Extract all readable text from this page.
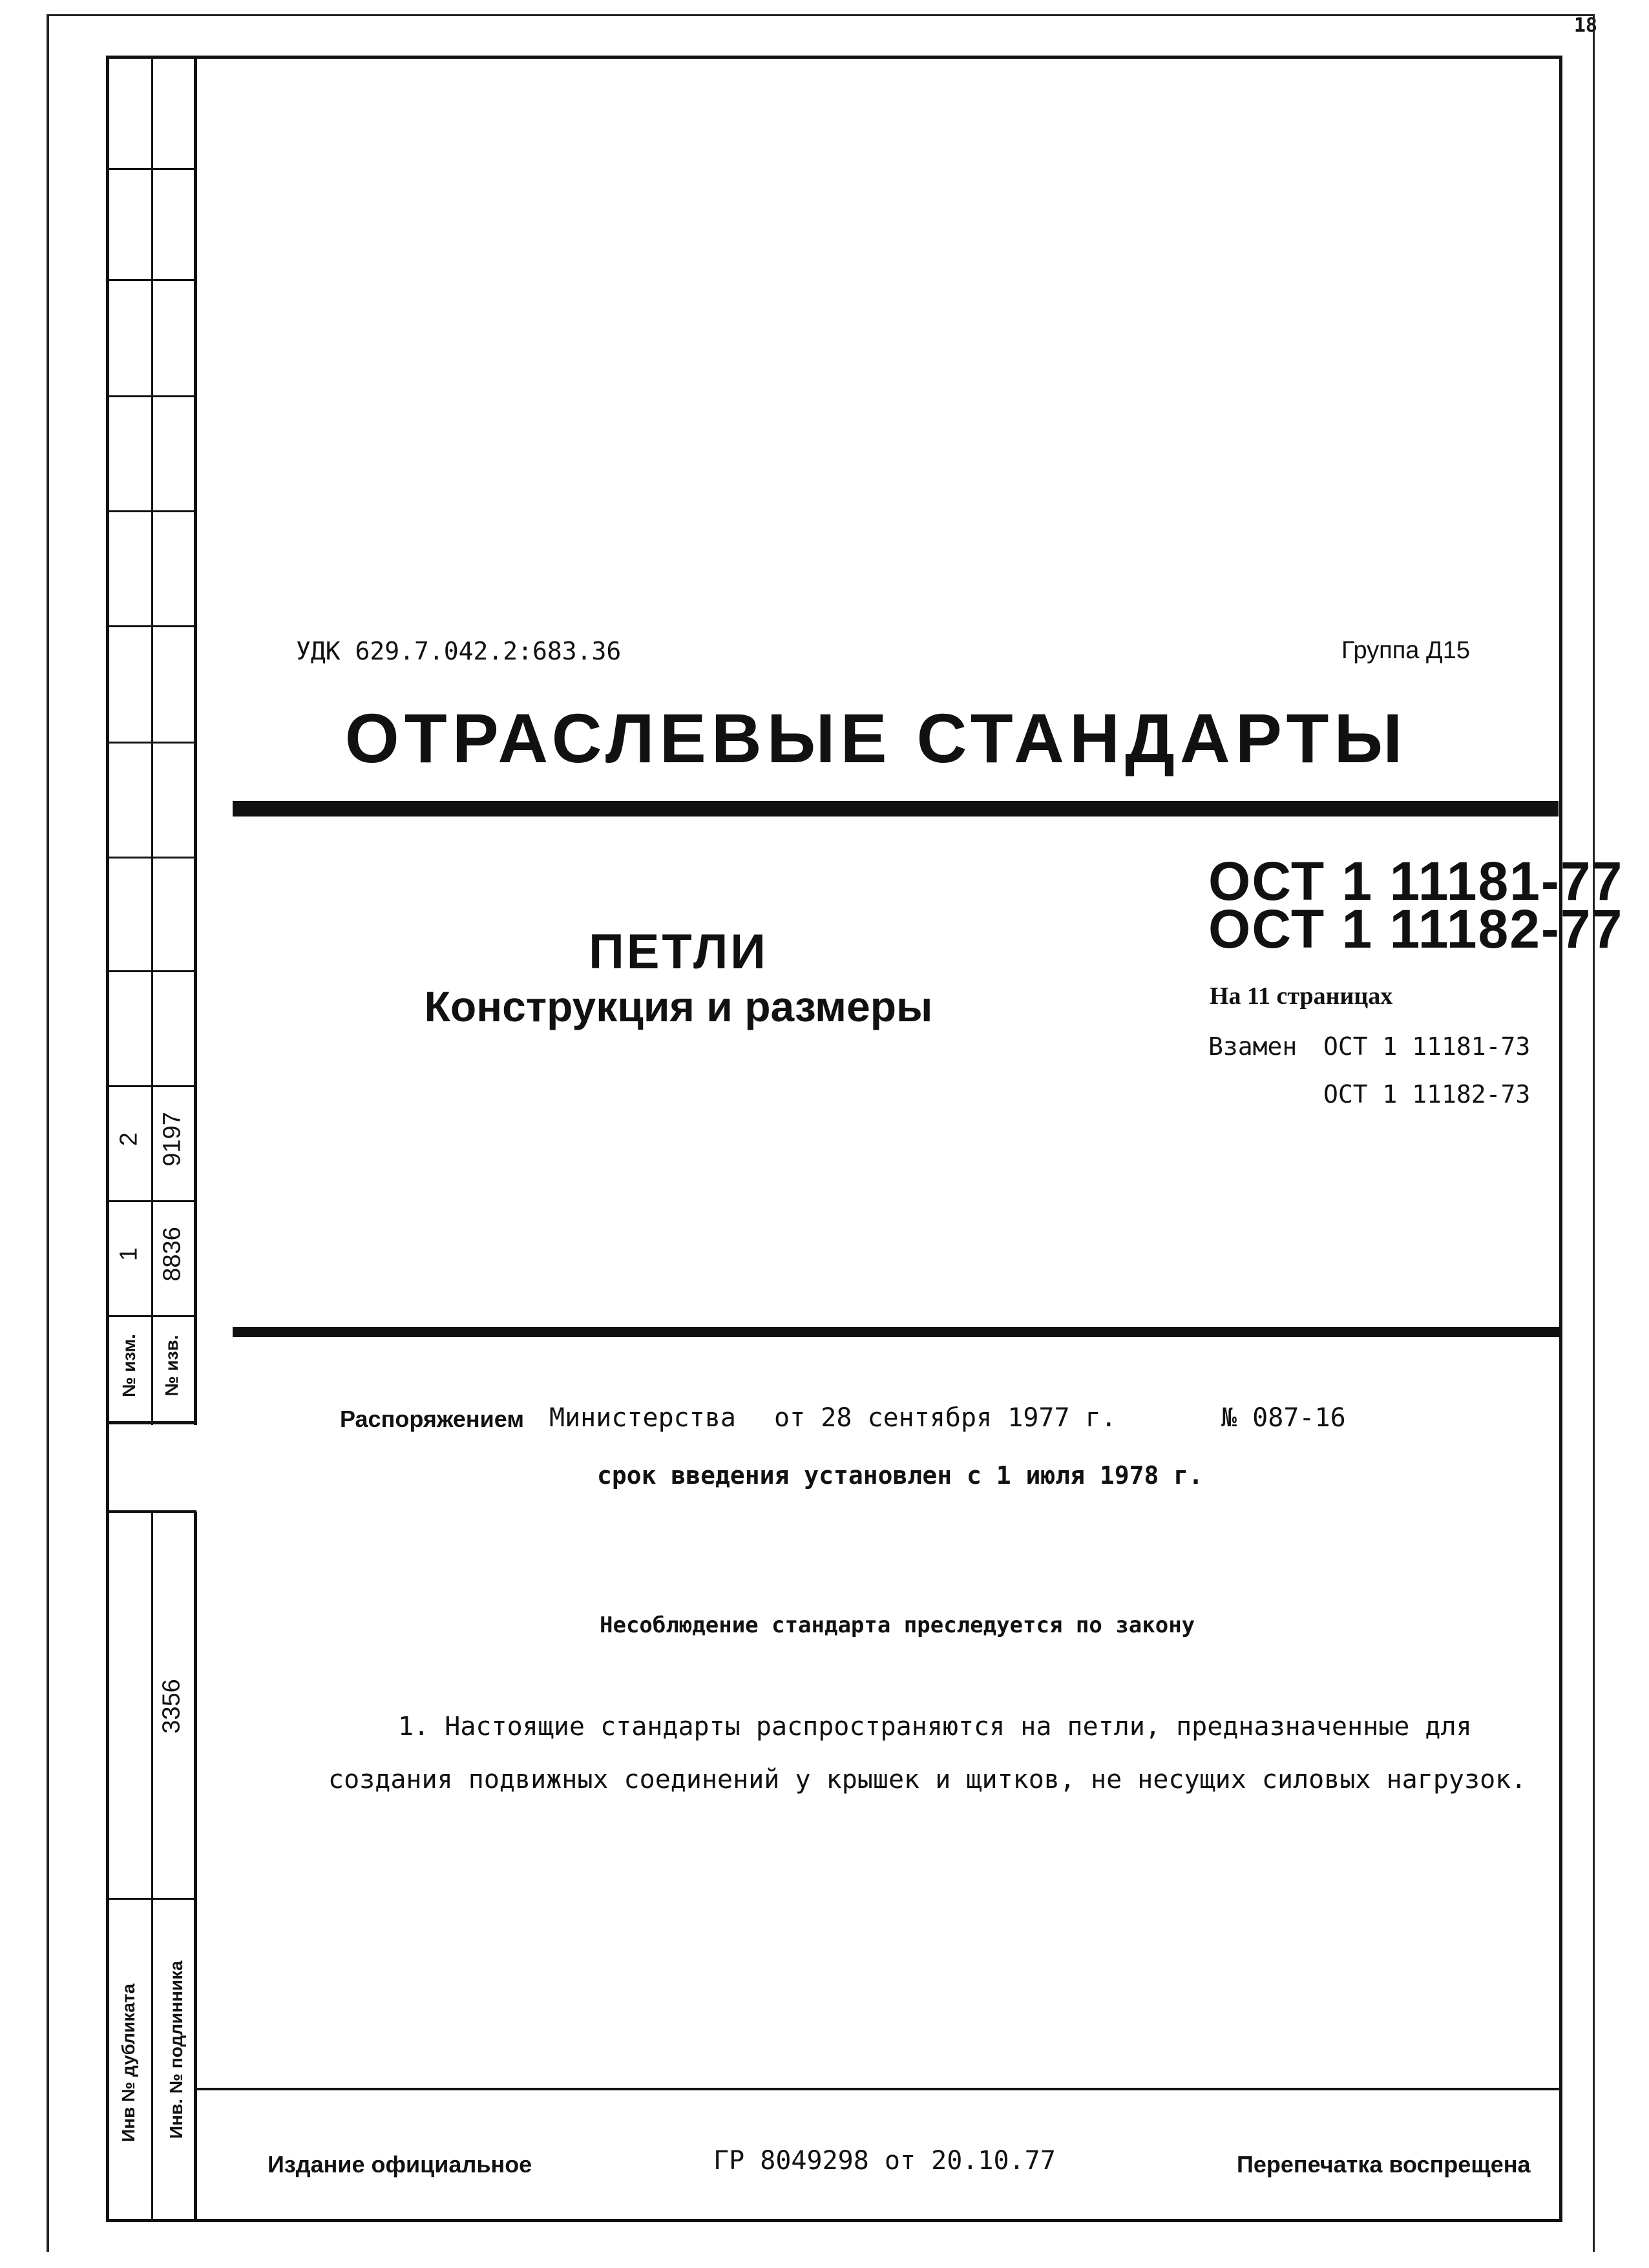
18
2 9197
1 8836
№ изм. № изв.
3356
Инв № дубликата Инв. № подлинника
УДК 629.7.042.2:683.36	Группа Д15
ОТРАСЛЕВЫЕ СТАНДАРТЫ
ПЕТЛИ
Конструкция и размеры
ОСТ 1 11181-77
ОСТ 1 11182-77
На 11 страницах
Взамен ОСТ 1 11181-73
ОСТ 1 11182-73
Распоряжением Министерства от 28 сентября 1977 г.	№ 087-16
срок введения установлен с 1 июля 1978 г.
Несоблюдение стандарта преследуется по закону
1. Настоящие стандарты распространяются на петли, предназначенные для
создания подвижных соединений у крышек и щитков, не несущих силовых нагрузок.
Издание официальное	ГР 8049298 от 20.10.77	Перепечатка воспрещена
